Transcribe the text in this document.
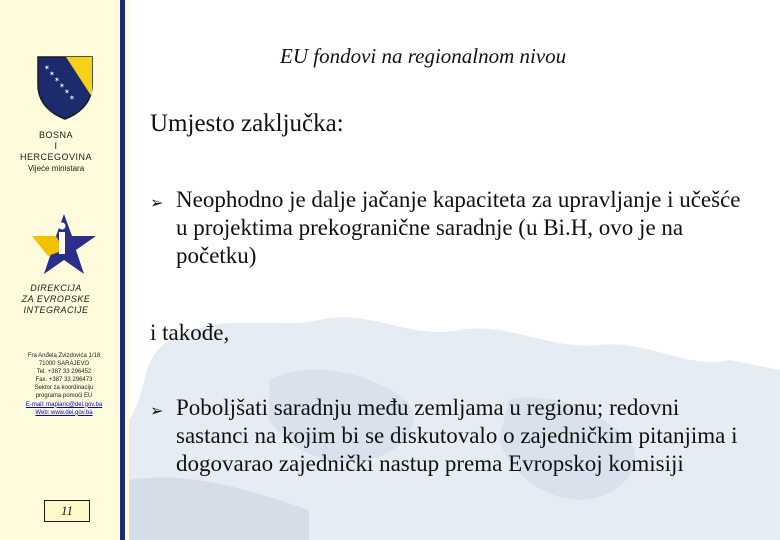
✶
✶
✶
✶
✶
✶
BOSNA
I
HERCEGOVINA
Vijeće ministara
DIREKCIJA
ZA EVROPSKE
INTEGRACIJE
Fra Anđela Zvizdovića 1/18
71000 SARAJEVO
Tel. +387 33 296452
Fax. +387 33 296473
Sektor za koordinaciju
programa pomoći EU
E-mail: mapiaric@dei.gov.ba
Web: www.dei.gov.ba
11
EU fondovi na regionalnom nivou
Umjesto zaključka:
➢ Neophodno je dalje jačanje kapaciteta za upravljanje i učešće u projektima prekogranične saradnje (u Bi.H, ovo je na početku)
i takođe,
➢ Poboljšati saradnju među zemljama u regionu; redovni sastanci na kojim bi se diskutovalo o zajedničkim pitanjima i dogovarao zajednički nastup prema Evropskoj komisiji
